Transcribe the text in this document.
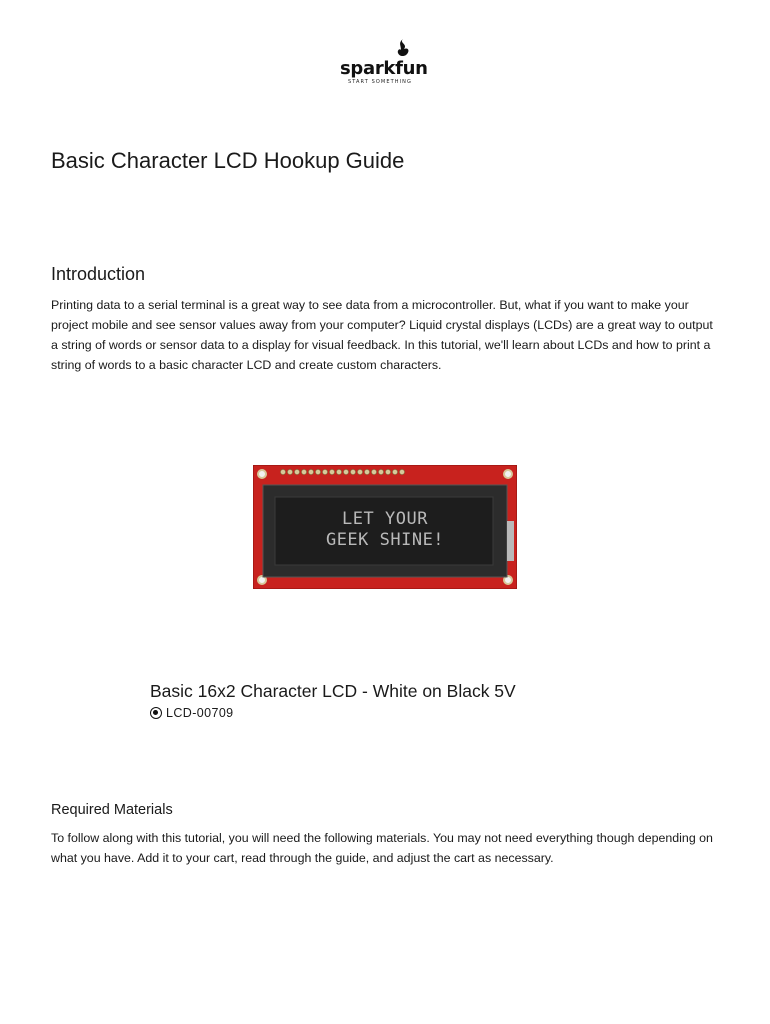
sparkfun
START SOMETHING
Basic Character LCD Hookup Guide
Introduction

Printing data to a serial terminal is a great way to see data from a microcontroller. But, what if you want to make your project mobile and see sensor values away from your computer? Liquid crystal displays (LCDs) are a great way to output a string of words or sensor data to a display for visual feedback. In this tutorial, we'll learn about LCDs and how to print a string of words to a basic character LCD and create custom characters.

LET YOUR
GEEK SHINE!
Basic 16x2 Character LCD - White on Black 5V
LCD-00709
Required Materials

To follow along with this tutorial, you will need the following materials. You may not need everything though depending on what you have. Add it to your cart, read through the guide, and adjust the cart as necessary.
